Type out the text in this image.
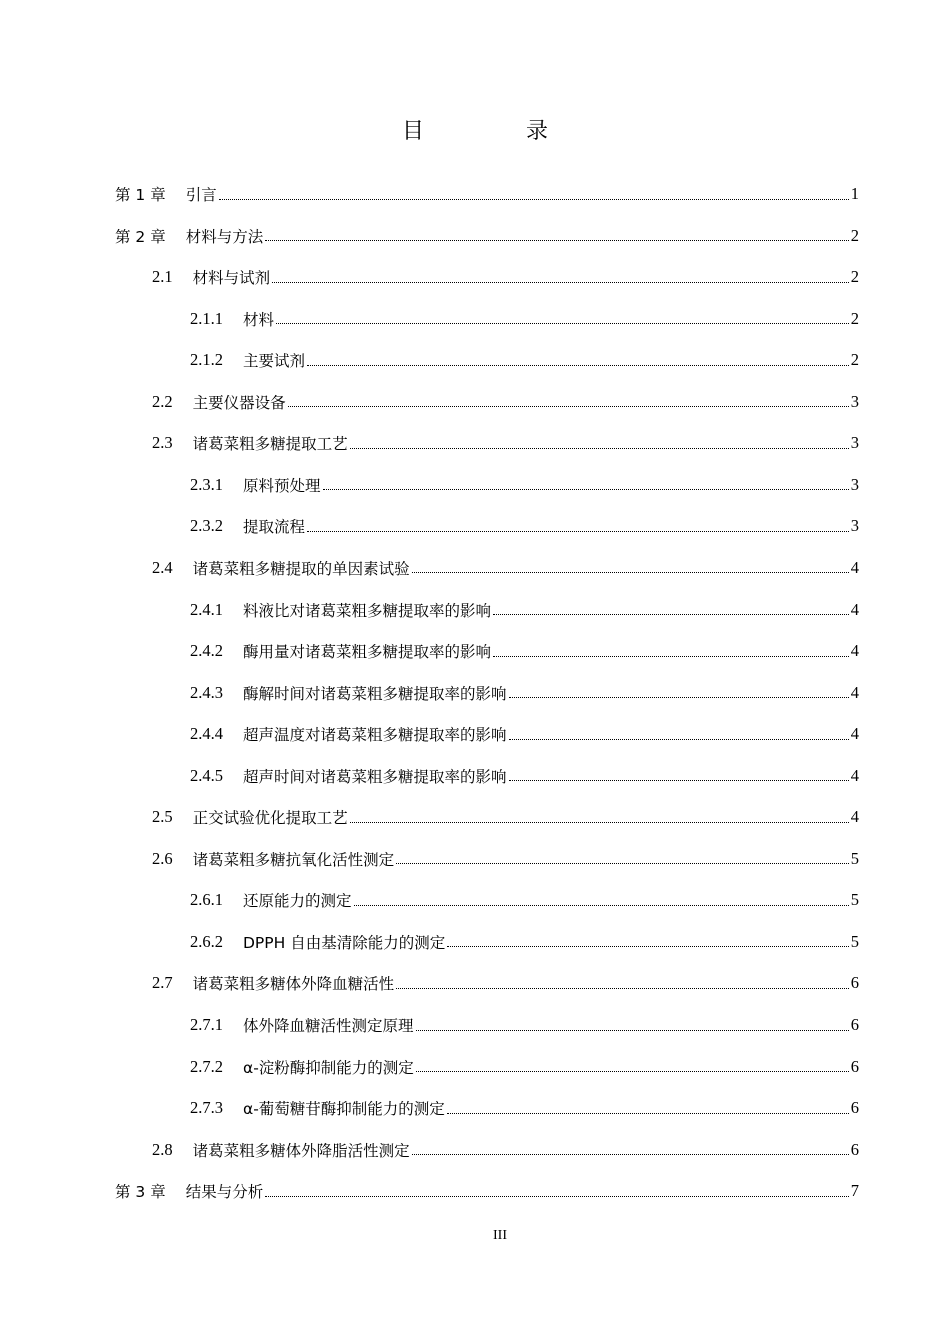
目　录
第 1 章 引言	1
第 2 章 材料与方法	2
2.1 材料与试剂	2
2.1.1 材料	2
2.1.2 主要试剂	2
2.2 主要仪器设备	3
2.3 诸葛菜粗多糖提取工艺	3
2.3.1 原料预处理	3
2.3.2 提取流程	3
2.4 诸葛菜粗多糖提取的单因素试验	4
2.4.1 料液比对诸葛菜粗多糖提取率的影响	4
2.4.2 酶用量对诸葛菜粗多糖提取率的影响	4
2.4.3 酶解时间对诸葛菜粗多糖提取率的影响	4
2.4.4 超声温度对诸葛菜粗多糖提取率的影响	4
2.4.5 超声时间对诸葛菜粗多糖提取率的影响	4
2.5 正交试验优化提取工艺	4
2.6 诸葛菜粗多糖抗氧化活性测定	5
2.6.1 还原能力的测定	5
2.6.2 DPPH 自由基清除能力的测定	5
2.7 诸葛菜粗多糖体外降血糖活性	6
2.7.1 体外降血糖活性测定原理	6
2.7.2 α-淀粉酶抑制能力的测定	6
2.7.3 α-葡萄糖苷酶抑制能力的测定	6
2.8 诸葛菜粗多糖体外降脂活性测定	6
第 3 章 结果与分析	7
III
